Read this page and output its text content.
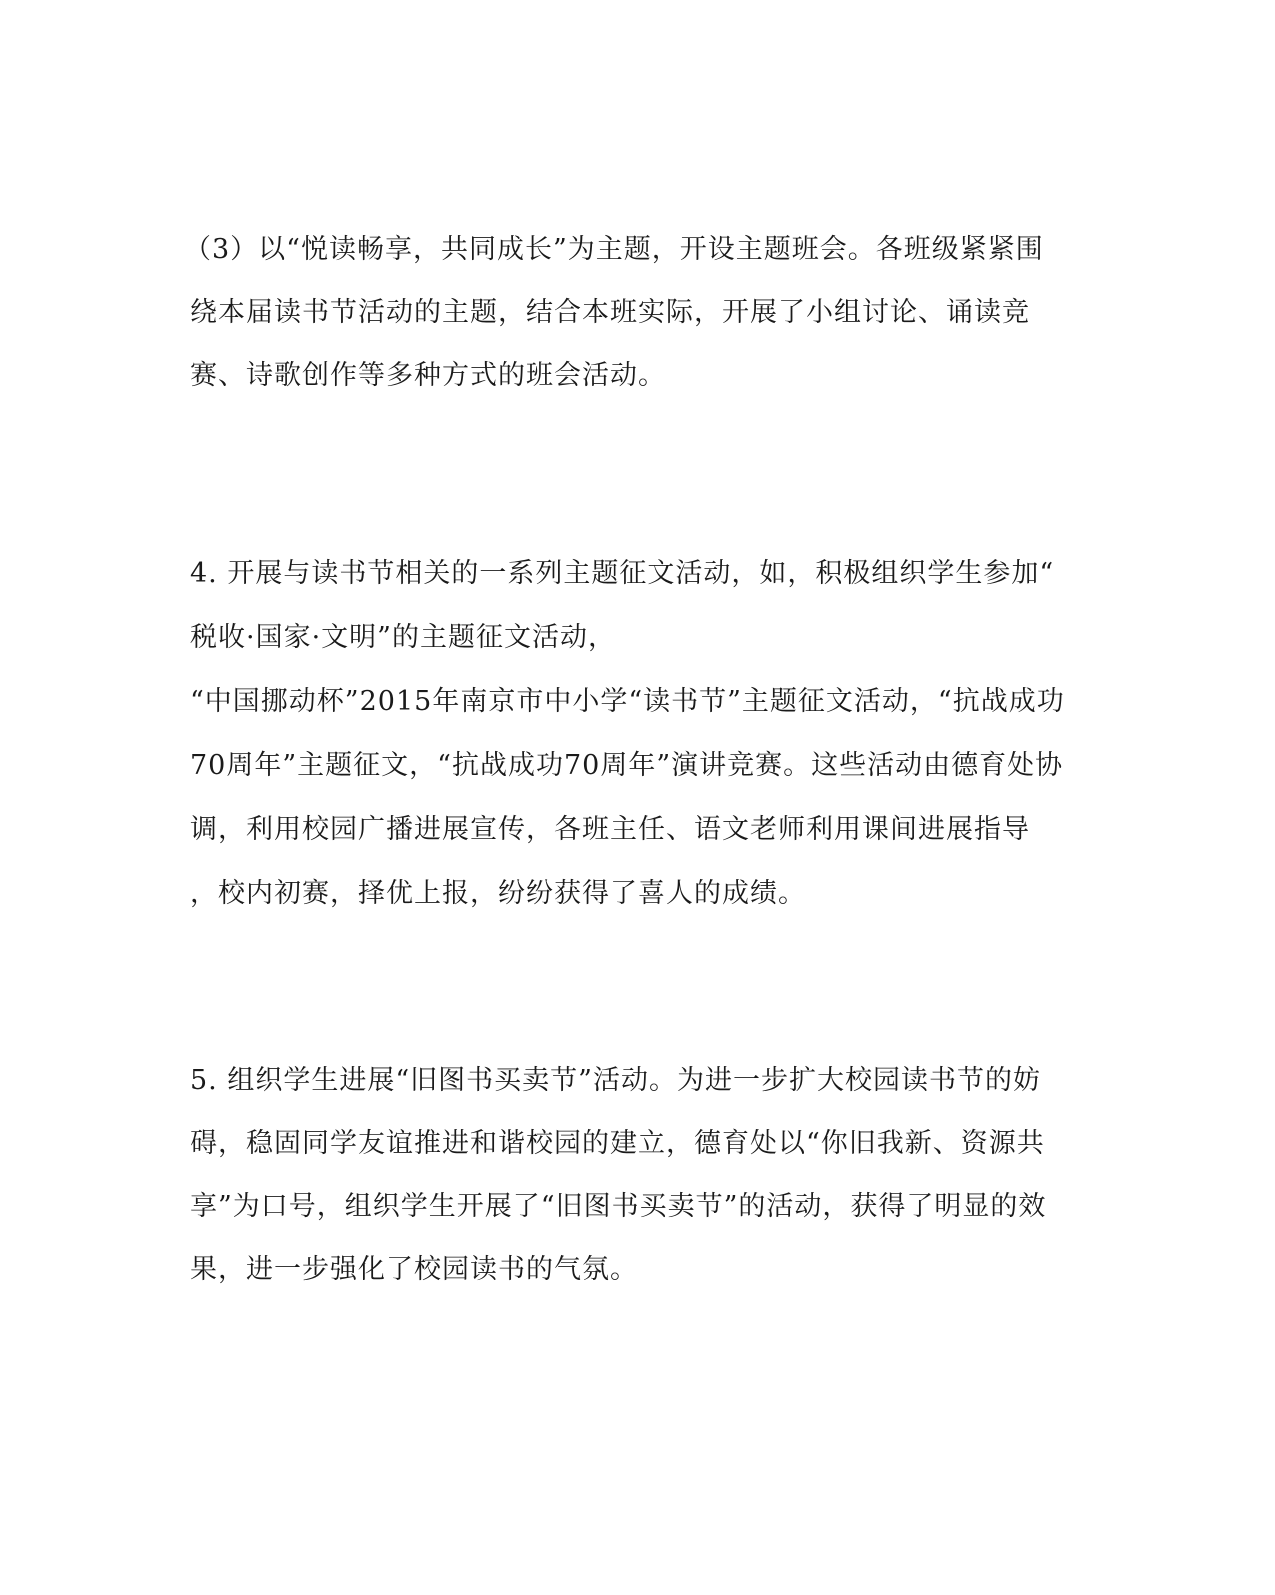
（3）以“悦读畅享，共同成长”为主题，开设主题班会。各班级紧紧围
绕本届读书节活动的主题，结合本班实际，开展了小组讨论、诵读竞
赛、诗歌创作等多种方式的班会活动。
4. 开展与读书节相关的一系列主题征文活动，如，积极组织学生参加“
税收·国家·文明”的主题征文活动，
“中国挪动杯”2015年南京市中小学“读书节”主题征文活动，“抗战成功
70周年”主题征文，“抗战成功70周年”演讲竞赛。这些活动由德育处协
调，利用校园广播进展宣传，各班主任、语文老师利用课间进展指导
，校内初赛，择优上报，纷纷获得了喜人的成绩。
5. 组织学生进展“旧图书买卖节”活动。为进一步扩大校园读书节的妨
碍，稳固同学友谊推进和谐校园的建立，德育处以“你旧我新、资源共
享”为口号，组织学生开展了“旧图书买卖节”的活动，获得了明显的效
果，进一步强化了校园读书的气氛。
